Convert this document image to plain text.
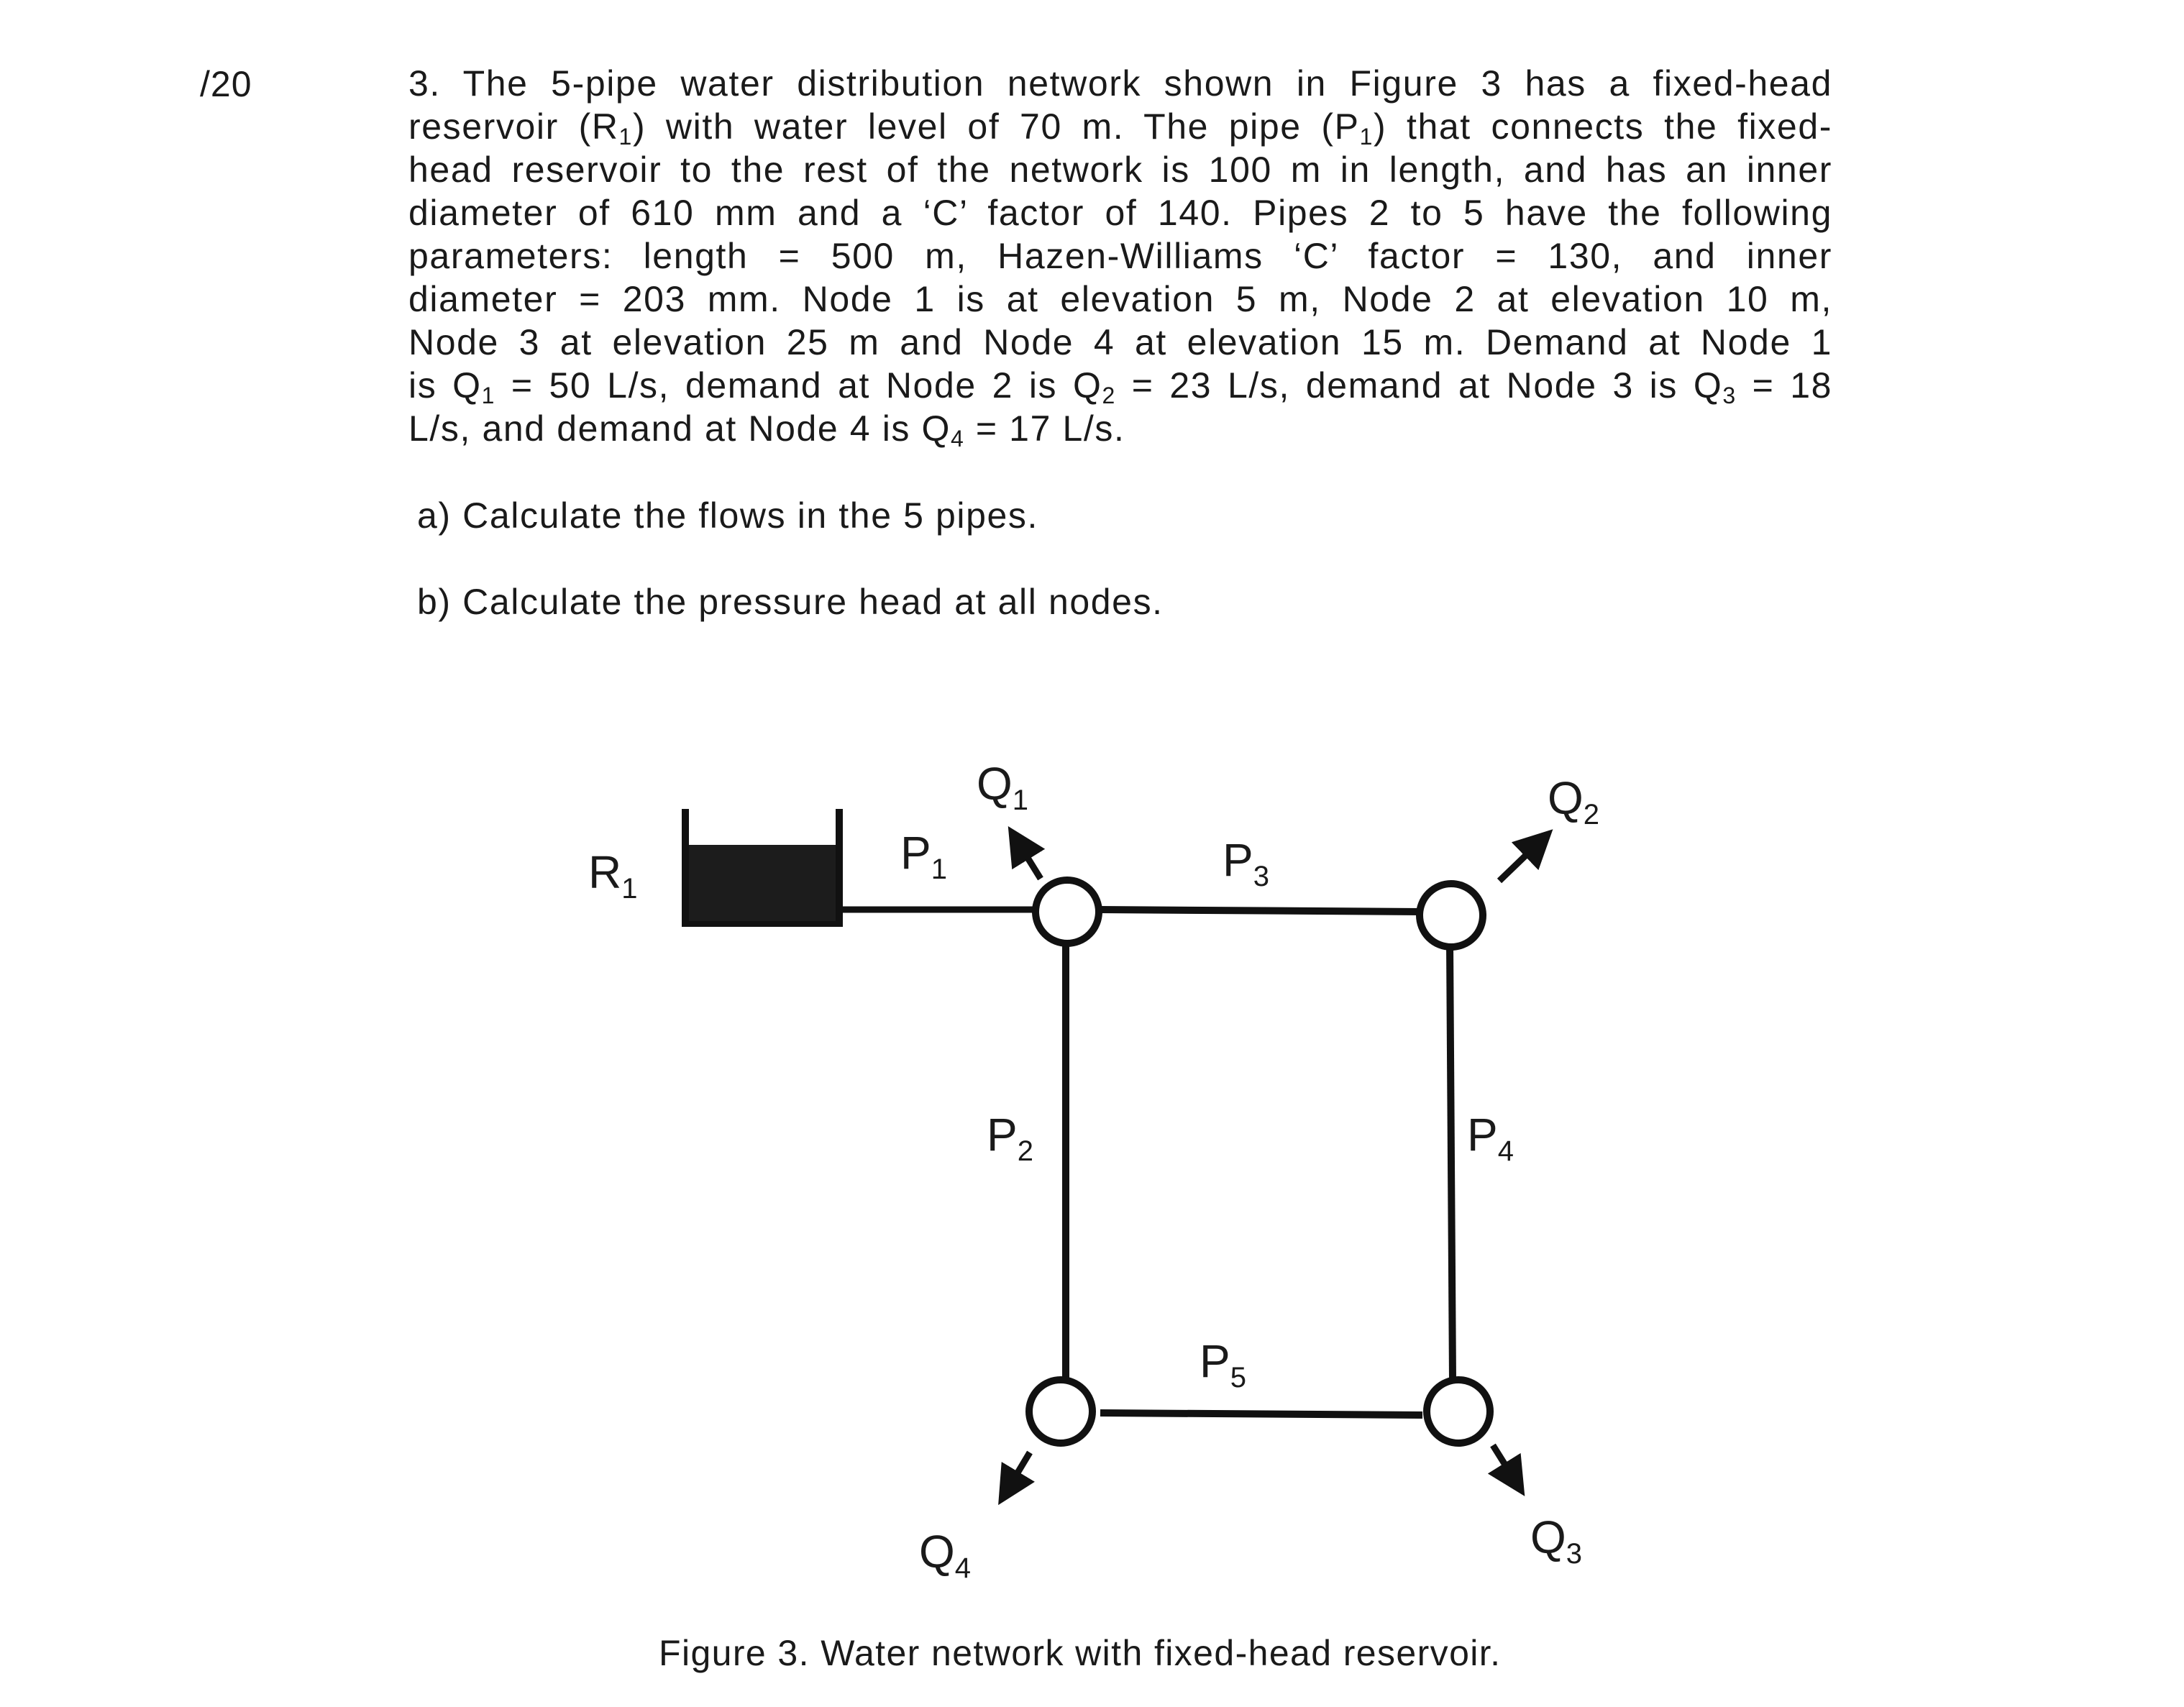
/20	3. The 5-pipe water distribution network shown in Figure 3 has a fixed-head
reservoir $(R_1)$ with water level of 70 m. The pipe $(P_1)$ that connects the fixed-
head reservoir to the rest of the network is 100 m in length, and has an inner
diameter of 610 mm and a ‘C’ factor of 140. Pipes 2 to 5 have the following
parameters: length = 500 m, Hazen-Williams ‘C’ factor = 130, and inner
diameter = 203 mm. Node 1 is at elevation 5 m, Node 2 at elevation 10 m,
Node 3 at elevation 25 m and Node 4 at elevation 15 m. Demand at Node 1
is $Q_1 = 50$ L/s, demand at Node 2 is $Q_2 = 23$ L/s, demand at Node 3 is $Q_3 = 18$
L/s, and demand at Node 4 is $Q_4 = 17$ L/s.
a) Calculate the flows in the 5 pipes.
b) Calculate the pressure head at all nodes.
$R_1$
$P_1$	$P_3$
$P_2$	$P_4$
$P_5$
$Q_1$	$Q_2$
$Q_3$
$Q_4$
Figure 3. Water network with fixed-head reservoir.
